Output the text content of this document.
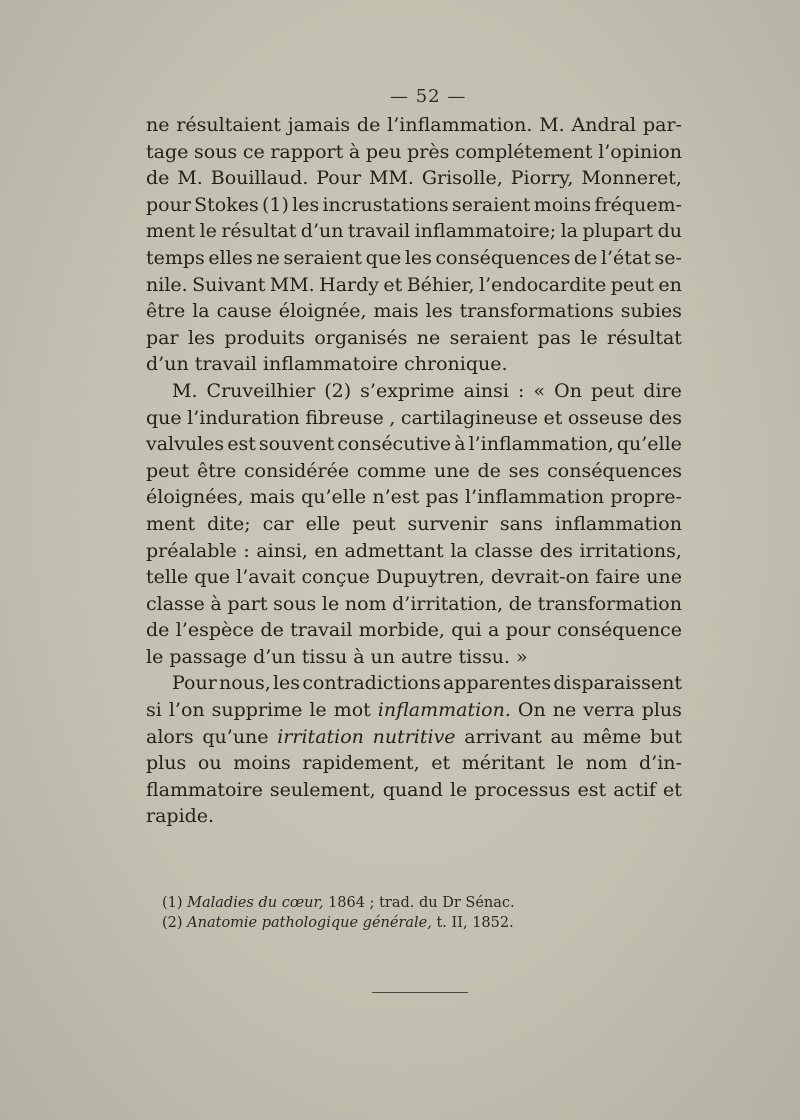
— 52 —
ne résultaient jamais de l’inflammation. M. Andral par-
tage sous ce rapport à peu près complétement l’opinion
de M. Bouillaud. Pour MM. Grisolle, Piorry, Monneret,
pour Stokes (1) les incrustations seraient moins fréquem-
ment le résultat d’un travail inflammatoire; la plupart du
temps elles ne seraient que les conséquences de l’état se-
nile. Suivant MM. Hardy et Béhier, l’endocardite peut en
être la cause éloignée, mais les transformations subies
par les produits organisés ne seraient pas le résultat
d’un travail inflammatoire chronique.
M. Cruveilhier (2) s’exprime ainsi : « On peut dire
que l’induration fibreuse , cartilagineuse et osseuse des
valvules est souvent consécutive à l’inflammation, qu’elle
peut être considérée comme une de ses conséquences
éloignées, mais qu’elle n’est pas l’inflammation propre-
ment dite; car elle peut survenir sans inflammation
préalable : ainsi, en admettant la classe des irritations,
telle que l’avait conçue Dupuytren, devrait-on faire une
classe à part sous le nom d’irritation, de transformation
de l’espèce de travail morbide, qui a pour conséquence
le passage d’un tissu à un autre tissu. »
Pour nous, les contradictions apparentes disparaissent
si l’on supprime le mot inflammation. On ne verra plus
alors qu’une irritation nutritive arrivant au même but
plus ou moins rapidement, et méritant le nom d’in-
flammatoire seulement, quand le processus est actif et
rapide.
(1) Maladies du cœur, 1864 ; trad. du Dr Sénac.
(2) Anatomie pathologique générale, t. II, 1852.
